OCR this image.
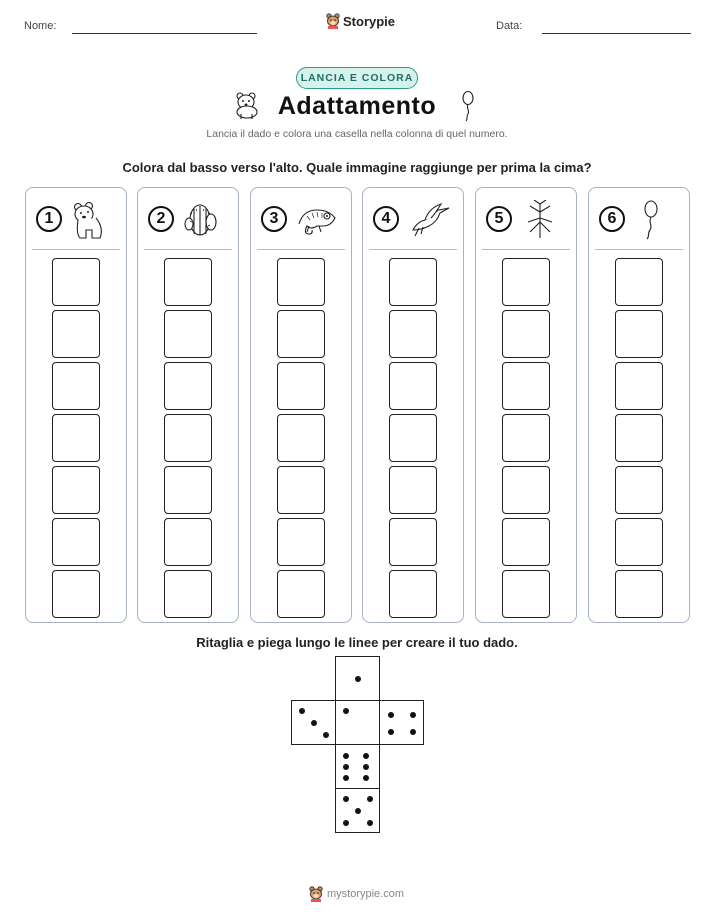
Nome:	Storypie	Data:
LANCIA E COLORA
Adattamento
Lancia il dado e colora una casella nella colonna di quel numero.
Colora dal basso verso l'alto. Quale immagine raggiunge per prima la cima?
1	2	3	4	5	6
Ritaglia e piega lungo le linee per creare il tuo dado.
mystorypie.com
